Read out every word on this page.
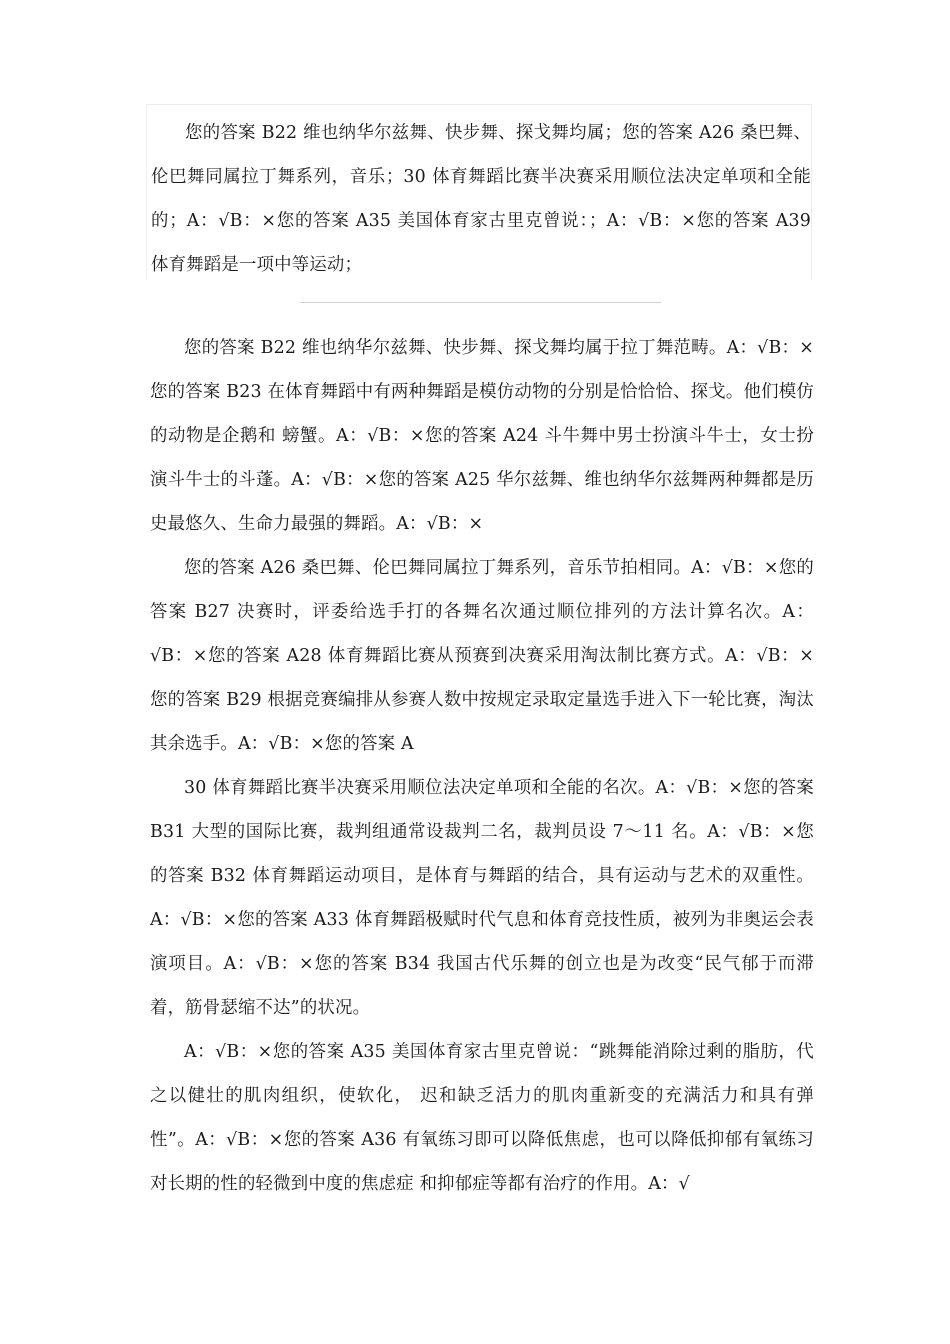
您的答案 B22 维也纳华尔兹舞、快步舞、探戈舞均属；您的答案 A26 桑巴舞、伦巴舞同属拉丁舞系列，音乐；30 体育舞蹈比赛半决赛采用顺位法决定单项和全能的；A：√B：×您的答案 A35 美国体育家古里克曾说：；A：√B：×您的答案 A39 体育舞蹈是一项中等运动；

您的答案 B22 维也纳华尔兹舞、快步舞、探戈舞均属于拉丁舞范畴。A：√B：×您的答案 B23 在体育舞蹈中有两种舞蹈是模仿动物的分别是恰恰恰、探戈。他们模仿的动物是企鹅和 螃蟹。A：√B：×您的答案 A24 斗牛舞中男士扮演斗牛士，女士扮演斗牛士的斗蓬。A：√B：×您的答案 A25 华尔兹舞、维也纳华尔兹舞两种舞都是历史最悠久、生命力最强的舞蹈。A：√B：×

您的答案 A26 桑巴舞、伦巴舞同属拉丁舞系列，音乐节拍相同。A：√B：×您的答案 B27 决赛时，评委给选手打的各舞名次通过顺位排列的方法计算名次。A：√B：×您的答案 A28 体育舞蹈比赛从预赛到决赛采用淘汰制比赛方式。A：√B：×您的答案 B29 根据竞赛编排从参赛人数中按规定录取定量选手进入下一轮比赛，淘汰其余选手。A：√B：×您的答案 A

30 体育舞蹈比赛半决赛采用顺位法决定单项和全能的名次。A：√B：×您的答案 B31 大型的国际比赛，裁判组通常设裁判二名，裁判员设 7～11 名。A：√B：×您的答案 B32 体育舞蹈运动项目，是体育与舞蹈的结合，具有运动与艺术的双重性。A：√B：×您的答案 A33 体育舞蹈极赋时代气息和体育竞技性质，被列为非奥运会表演项目。A：√B：×您的答案 B34 我国古代乐舞的创立也是为改变“民气郁于而滞着，筋骨瑟缩不达”的状况。

A：√B：×您的答案 A35 美国体育家古里克曾说：“跳舞能消除过剩的脂肪，代之以健壮的肌肉组织，使软化， 迟和缺乏活力的肌肉重新变的充满活力和具有弹性”。A：√B：×您的答案 A36 有氧练习即可以降低焦虑，也可以降低抑郁有氧练习对长期的性的轻微到中度的焦虑症 和抑郁症等都有治疗的作用。A：√
